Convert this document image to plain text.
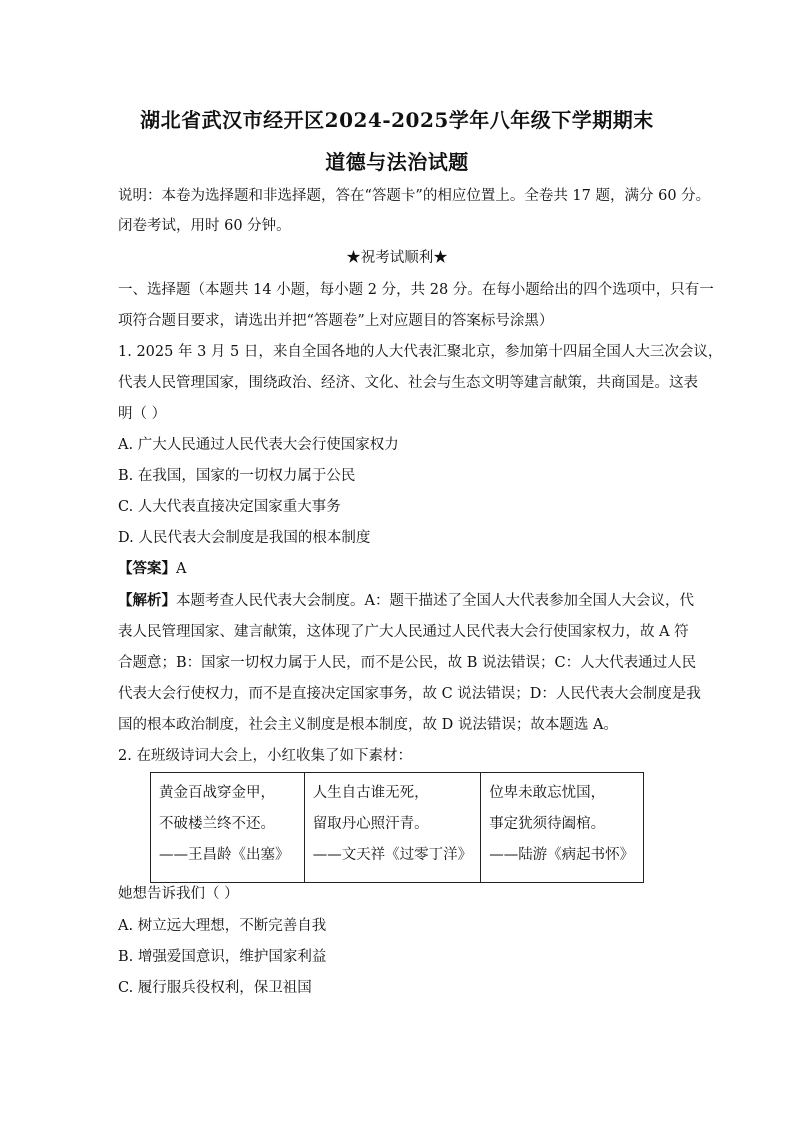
湖北省武汉市经开区2024-2025学年八年级下学期期末
道德与法治试题
说明：本卷为选择题和非选择题，答在“答题卡”的相应位置上。全卷共 17 题，满分 60 分。
闭卷考试，用时 60 分钟。
★祝考试顺利★
一、选择题（本题共 14 小题，每小题 2 分，共 28 分。在每小题给出的四个选项中，只有一
项符合题目要求，请选出并把“答题卷”上对应题目的答案标号涂黑）
1. 2025 年 3 月 5 日，来自全国各地的人大代表汇聚北京，参加第十四届全国人大三次会议，
代表人民管理国家，围绕政治、经济、文化、社会与生态文明等建言献策，共商国是。这表
明（ ）
A. 广大人民通过人民代表大会行使国家权力
B. 在我国，国家的一切权力属于公民
C. 人大代表直接决定国家重大事务
D. 人民代表大会制度是我国的根本制度
【答案】A
【解析】本题考查人民代表大会制度。A：题干描述了全国人大代表参加全国人大会议，代
表人民管理国家、建言献策，这体现了广大人民通过人民代表大会行使国家权力，故 A 符
合题意；B：国家一切权力属于人民，而不是公民，故 B 说法错误；C：人大代表通过人民
代表大会行使权力，而不是直接决定国家事务，故 C 说法错误；D：人民代表大会制度是我
国的根本政治制度，社会主义制度是根本制度，故 D 说法错误；故本题选 A。
2. 在班级诗词大会上，小红收集了如下素材：
黄金百战穿金甲，
不破楼兰终不还。
——王昌龄《出塞》

人生自古谁无死，
留取丹心照汗青。
——文天祥《过零丁洋》

位卑未敢忘忧国，
事定犹须待阖棺。
——陆游《病起书怀》
她想告诉我们（ ）
A. 树立远大理想，不断完善自我
B. 增强爱国意识，维护国家利益
C. 履行服兵役权利，保卫祖国
